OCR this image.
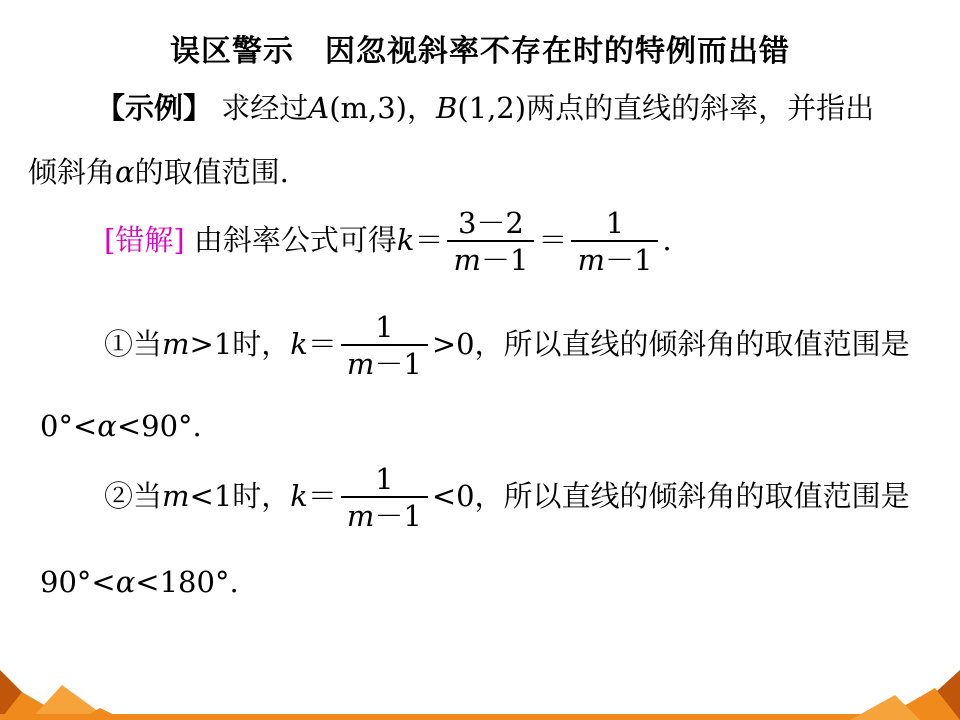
误区警示　因忽视斜率不存在时的特例而出错
【示例】 求经过A(m,3)，B(1,2)两点的直线的斜率，并指出
倾斜角α的取值范围.
[错解] 由斜率公式可得$k= \frac{3-2}{m-1} = \frac{1}{m-1}$ .
①当m>1时，$k= \frac{1}{m-1} >0$，所以直线的倾斜角的取值范围是
0°<α<90°.
②当m<1时，$k= \frac{1}{m-1} <0$，所以直线的倾斜角的取值范围是
90°<α<180°.
